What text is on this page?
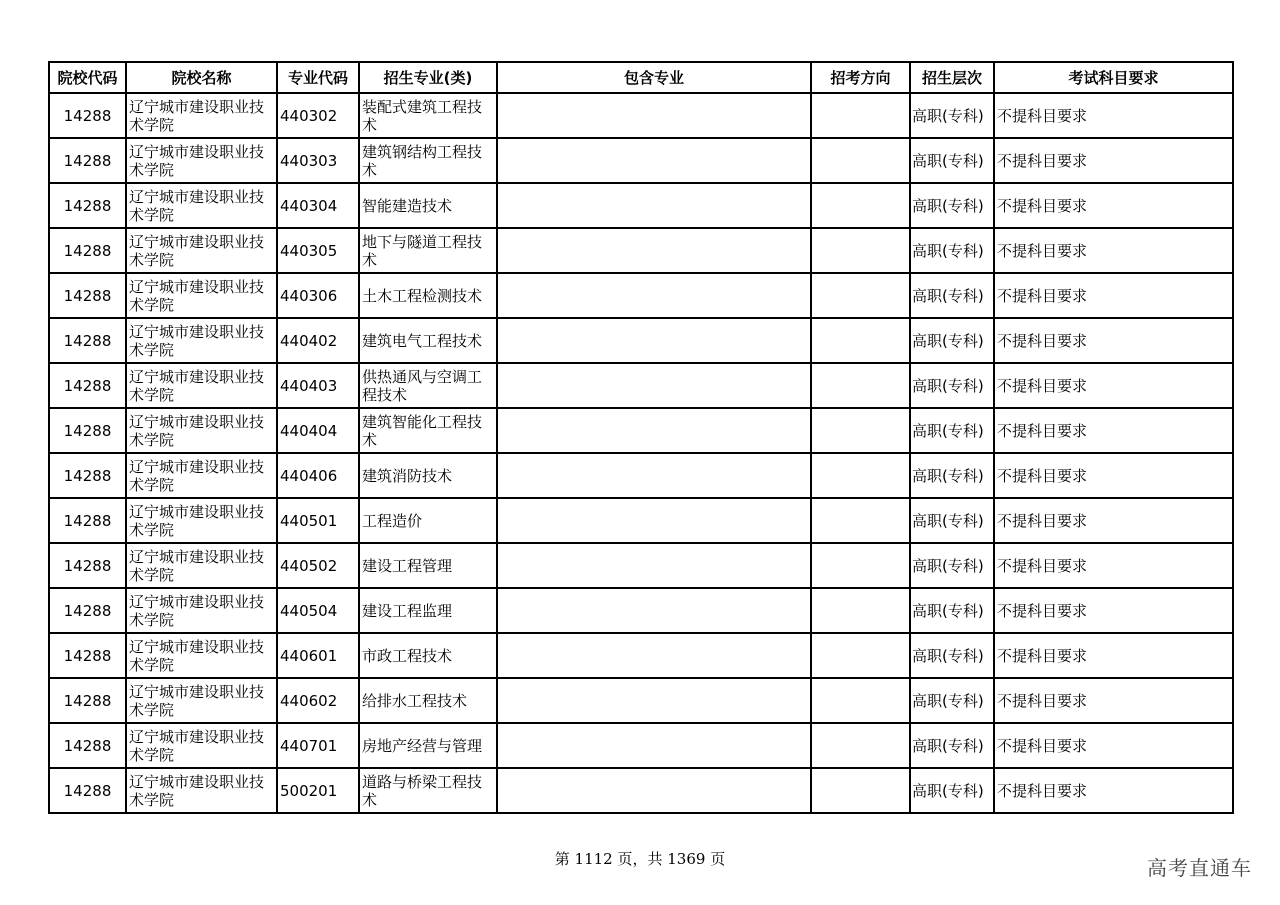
院校代码	院校名称	专业代码	招生专业(类)	包含专业	招考方向	招生层次	考试科目要求
14288	辽宁城市建设职业技术学院	440302	装配式建筑工程技术			高职(专科)	不提科目要求
14288	辽宁城市建设职业技术学院	440303	建筑钢结构工程技术			高职(专科)	不提科目要求
14288	辽宁城市建设职业技术学院	440304	智能建造技术			高职(专科)	不提科目要求
14288	辽宁城市建设职业技术学院	440305	地下与隧道工程技术			高职(专科)	不提科目要求
14288	辽宁城市建设职业技术学院	440306	土木工程检测技术			高职(专科)	不提科目要求
14288	辽宁城市建设职业技术学院	440402	建筑电气工程技术			高职(专科)	不提科目要求
14288	辽宁城市建设职业技术学院	440403	供热通风与空调工程技术			高职(专科)	不提科目要求
14288	辽宁城市建设职业技术学院	440404	建筑智能化工程技术			高职(专科)	不提科目要求
14288	辽宁城市建设职业技术学院	440406	建筑消防技术			高职(专科)	不提科目要求
14288	辽宁城市建设职业技术学院	440501	工程造价			高职(专科)	不提科目要求
14288	辽宁城市建设职业技术学院	440502	建设工程管理			高职(专科)	不提科目要求
14288	辽宁城市建设职业技术学院	440504	建设工程监理			高职(专科)	不提科目要求
14288	辽宁城市建设职业技术学院	440601	市政工程技术			高职(专科)	不提科目要求
14288	辽宁城市建设职业技术学院	440602	给排水工程技术			高职(专科)	不提科目要求
14288	辽宁城市建设职业技术学院	440701	房地产经营与管理			高职(专科)	不提科目要求
14288	辽宁城市建设职业技术学院	500201	道路与桥梁工程技术			高职(专科)	不提科目要求
第 1112 页，共 1369 页	高考直通车
